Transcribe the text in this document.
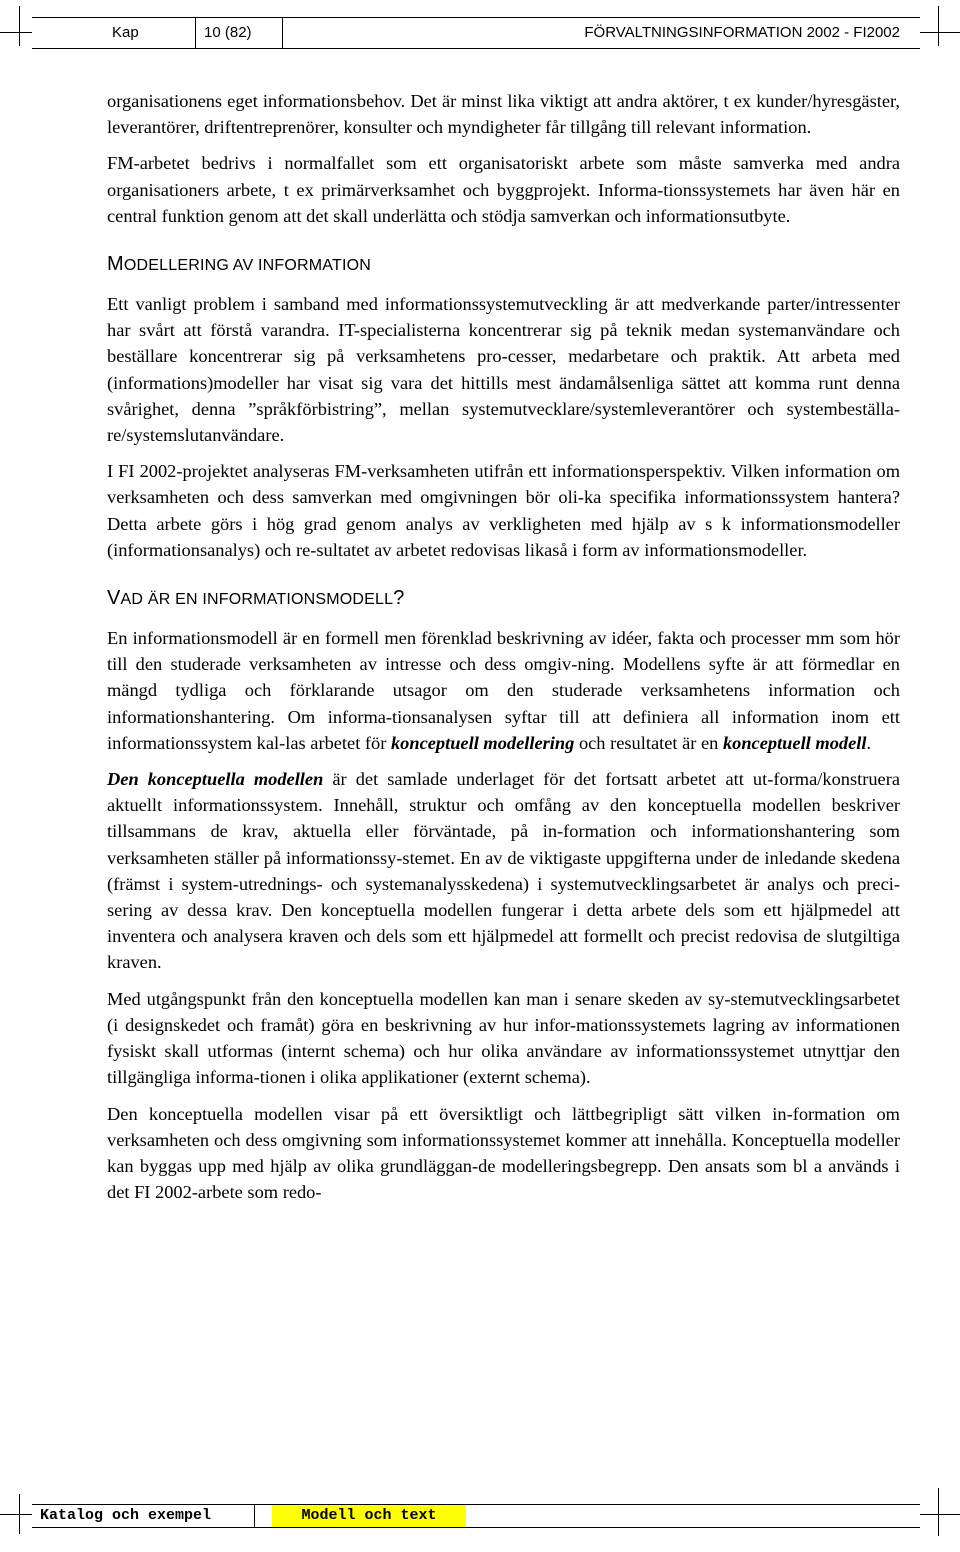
Kap	10 (82)	FÖRVALTNINGSINFORMATION 2002 - FI2002

organisationens eget informationsbehov. Det är minst lika viktigt att andra aktörer, t ex kunder/hyresgäster, leverantörer, driftentreprenörer, konsulter och myndigheter får tillgång till relevant information.

FM-arbetet bedrivs i normalfallet som ett organisatoriskt arbete som måste samverka med andra organisationers arbete, t ex primärverksamhet och byggprojekt. Informa-tionssystemets har även här en central funktion genom att det skall underlätta och stödja samverkan och informationsutbyte.

MODELLERING AV INFORMATION

Ett vanligt problem i samband med informationssystemutveckling är att medverkande parter/intressenter har svårt att förstå varandra. IT-specialisterna koncentrerar sig på teknik medan systemanvändare och beställare koncentrerar sig på verksamhetens pro-cesser, medarbetare och praktik. Att arbeta med (informations)modeller har visat sig vara det hittills mest ändamålsenliga sättet att komma runt denna svårighet, denna ”språkförbistring”, mellan systemutvecklare/systemleverantörer och systembeställa-re/systemslutanvändare.

I FI 2002-projektet analyseras FM-verksamheten utifrån ett informationsperspektiv. Vilken information om verksamheten och dess samverkan med omgivningen bör oli-ka specifika informationssystem hantera? Detta arbete görs i hög grad genom analys av verkligheten med hjälp av s k informationsmodeller (informationsanalys) och re-sultatet av arbetet redovisas likaså i form av informationsmodeller.

VAD ÄR EN INFORMATIONSMODELL?

En informationsmodell är en formell men förenklad beskrivning av idéer, fakta och processer mm som hör till den studerade verksamheten av intresse och dess omgiv-ning. Modellens syfte är att förmedlar en mängd tydliga och förklarande utsagor om den studerade verksamhetens information och informationshantering. Om informa-tionsanalysen syftar till att definiera all information inom ett informationssystem kal-las arbetet för konceptuell modellering och resultatet är en konceptuell modell.

Den konceptuella modellen är det samlade underlaget för det fortsatt arbetet att ut-forma/konstruera aktuellt informationssystem. Innehåll, struktur och omfång av den konceptuella modellen beskriver tillsammans de krav, aktuella eller förväntade, på in-formation och informationshantering som verksamheten ställer på informationssy-stemet. En av de viktigaste uppgifterna under de inledande skedena (främst i system-utrednings- och systemanalysskedena) i systemutvecklingsarbetet är analys och preci-sering av dessa krav. Den konceptuella modellen fungerar i detta arbete dels som ett hjälpmedel att inventera och analysera kraven och dels som ett hjälpmedel att formellt och precist redovisa de slutgiltiga kraven.

Med utgångspunkt från den konceptuella modellen kan man i senare skeden av sy-stemutvecklingsarbetet (i designskedet och framåt) göra en beskrivning av hur infor-mationssystemets lagring av informationen fysiskt skall utformas (internt schema) och hur olika användare av informationssystemet utnyttjar den tillgängliga informa-tionen i olika applikationer (externt schema).

Den konceptuella modellen visar på ett översiktligt och lättbegripligt sätt vilken in-formation om verksamheten och dess omgivning som informationssystemet kommer att innehålla. Konceptuella modeller kan byggas upp med hjälp av olika grundläggan-de modelleringsbegrepp. Den ansats som bl a används i det FI 2002-arbete som redo-

Katalog och exempel	Modell och text
